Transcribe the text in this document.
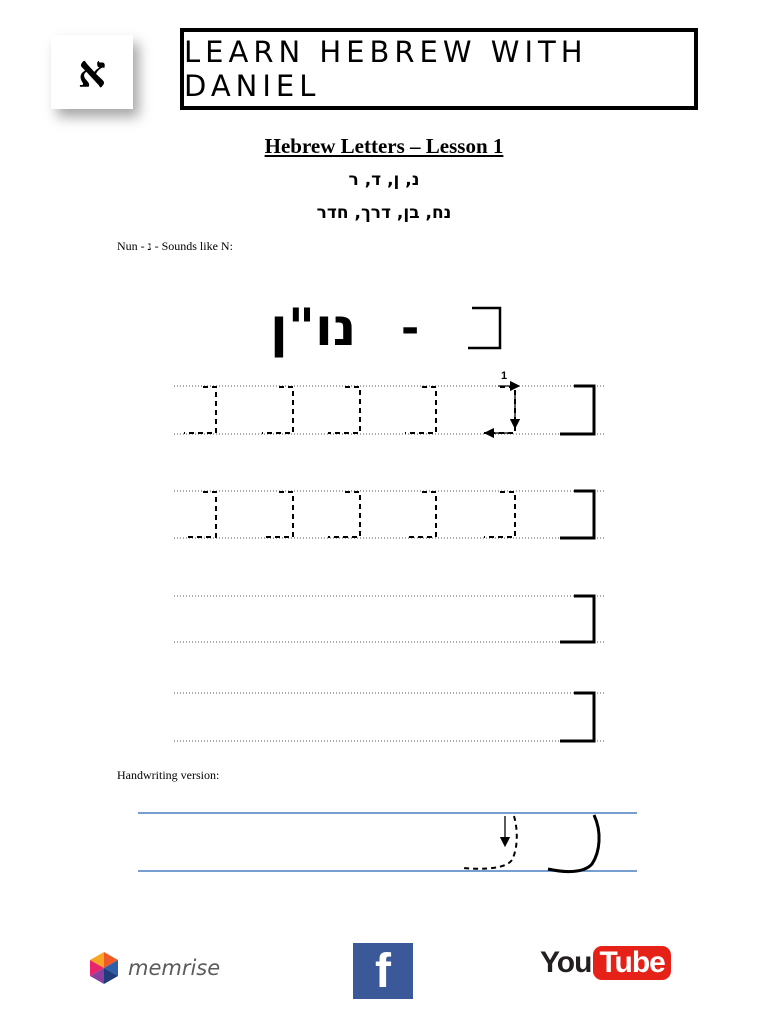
א	LEARN HEBREW WITH DANIEL
Hebrew Letters – Lesson 1
נ, ן, ד, ר
נח, בן, דרך, חדר
Nun - נ - Sounds like N:
נו"ן -
1
Handwriting version:
memrise	f	You Tube
